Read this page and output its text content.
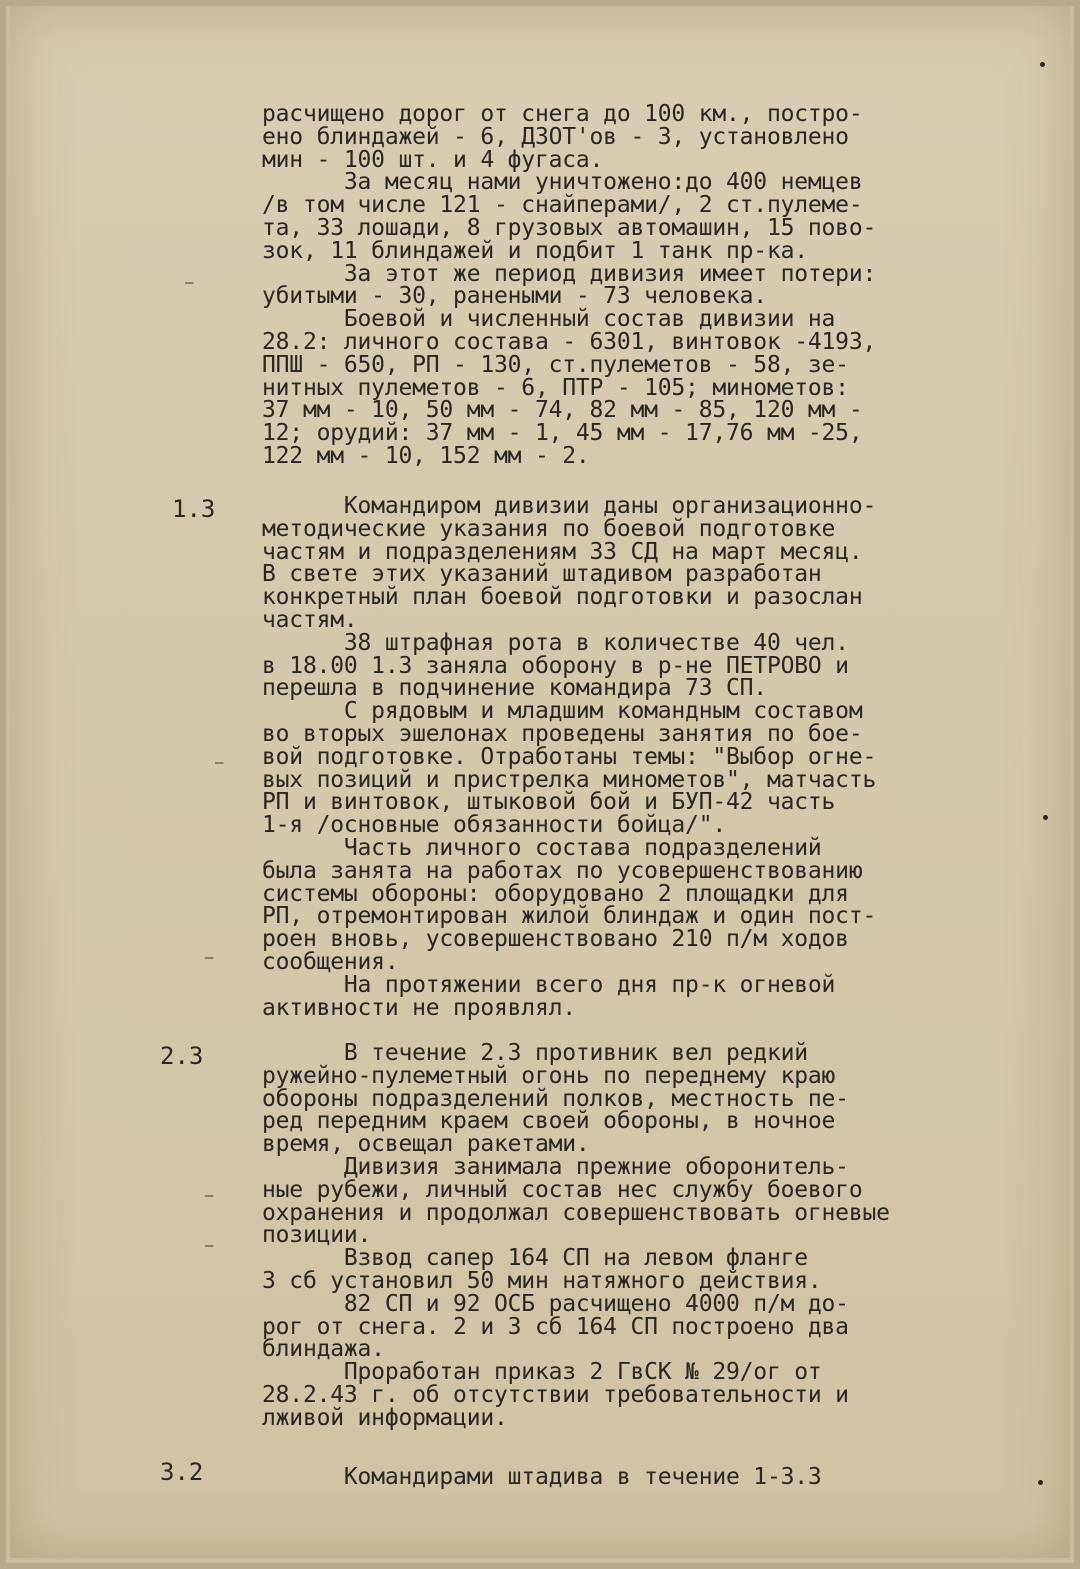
расчищено дорог от снега до 100 км., постро-
ено блиндажей - 6, ДЗОТ'ов - 3, установлено
мин - 100 шт. и 4 фугаса.
За месяц нами уничтожено:до 400 немцев
/в том числе 121 - снайперами/, 2 ст.пулеме-
та, 33 лошади, 8 грузовых автомашин, 15 пово-
зок, 11 блиндажей и подбит 1 танк пр-ка.
За этот же период дивизия имеет потери:
убитыми - 30, ранеными - 73 человека.
Боевой и численный состав дивизии на
28.2: личного состава - 6301, винтовок -4193,
ППШ - 650, РП - 130, ст.пулеметов - 58, зе-
нитных пулеметов - 6, ПТР - 105; минометов:
37 мм - 10, 50 мм - 74, 82 мм - 85, 120 мм -
12; орудий: 37 мм - 1, 45 мм - 17,76 мм -25,
122 мм - 10, 152 мм - 2.
1.3 Командиром дивизии даны организационно-
методические указания по боевой подготовке
частям и подразделениям 33 СД на март месяц.
В свете этих указаний штадивом разработан
конкретный план боевой подготовки и разослан
частям.
38 штрафная рота в количестве 40 чел.
в 18.00 1.3 заняла оборону в р-не ПЕТРОВО и
перешла в подчинение командира 73 СП.
С рядовым и младшим командным составом
во вторых эшелонах проведены занятия по бое-
вой подготовке. Отработаны темы: "Выбор огне-
вых позиций и пристрелка минометов", матчасть
РП и винтовок, штыковой бой и БУП-42 часть
1-я /основные обязанности бойца/".
Часть личного состава подразделений
была занята на работах по усовершенствованию
системы обороны: оборудовано 2 площадки для
РП, отремонтирован жилой блиндаж и один пост-
роен вновь, усовершенствовано 210 п/м ходов
сообщения.
На протяжении всего дня пр-к огневой
активности не проявлял.
2.3	В течение 2.3 противник вел редкий
ружейно-пулеметный огонь по переднему краю
обороны подразделений полков, местность пе-
ред передним краем своей обороны, в ночное
время, освещал ракетами.
Дивизия занимала прежние оборонитель-
ные рубежи, личный состав нес службу боевого
охранения и продолжал совершенствовать огневые
позиции.
Взвод сапер 164 СП на левом фланге
3 сб установил 50 мин натяжного действия.
82 СП и 92 ОСБ расчищено 4000 п/м до-
рог от снега. 2 и 3 сб 164 СП построено два
блиндажа.
Проработан приказ 2 ГвСК № 29/ог от
28.2.43 г. об отсутствии требовательности и
лживой информации.
3.2	Командирами штадива в течение 1-3.3
–
–
–
–
–
